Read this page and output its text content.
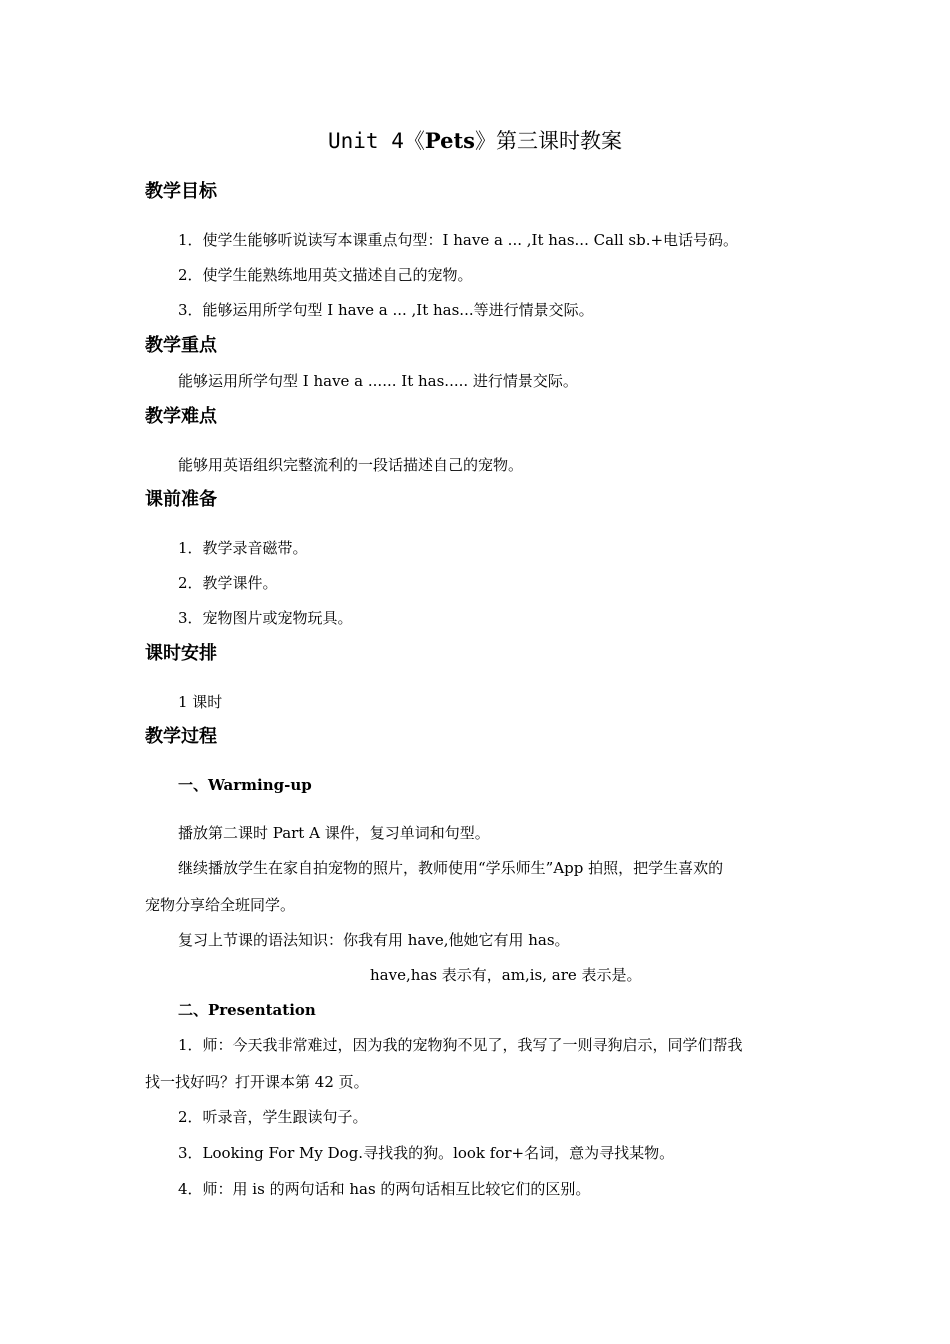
Unit 4《Pets》第三课时教案
教学目标
1．使学生能够听说读写本课重点句型：I have a ... ,It has... Call sb.+电话号码。
2．使学生能熟练地用英文描述自己的宠物。
3．能够运用所学句型 I have a ... ,It has...等进行情景交际。
教学重点
能够运用所学句型 I have a ...... It has..... 进行情景交际。
教学难点
能够用英语组织完整流利的一段话描述自己的宠物。
课前准备
1．教学录音磁带。
2．教学课件。
3．宠物图片或宠物玩具。
课时安排
1 课时
教学过程
一、Warming-up
播放第二课时 Part A 课件，复习单词和句型。
继续播放学生在家自拍宠物的照片，教师使用“学乐师生”App 拍照，把学生喜欢的
宠物分享给全班同学。
复习上节课的语法知识：你我有用 have,他她它有用 has。
have,has 表示有，am,is, are 表示是。
二、Presentation
1．师：今天我非常难过，因为我的宠物狗不见了，我写了一则寻狗启示，同学们帮我
找一找好吗？打开课本第 42 页。
2．听录音，学生跟读句子。
3．Looking For My Dog.寻找我的狗。look for+名词，意为寻找某物。
4．师：用 is 的两句话和 has 的两句话相互比较它们的区别。
